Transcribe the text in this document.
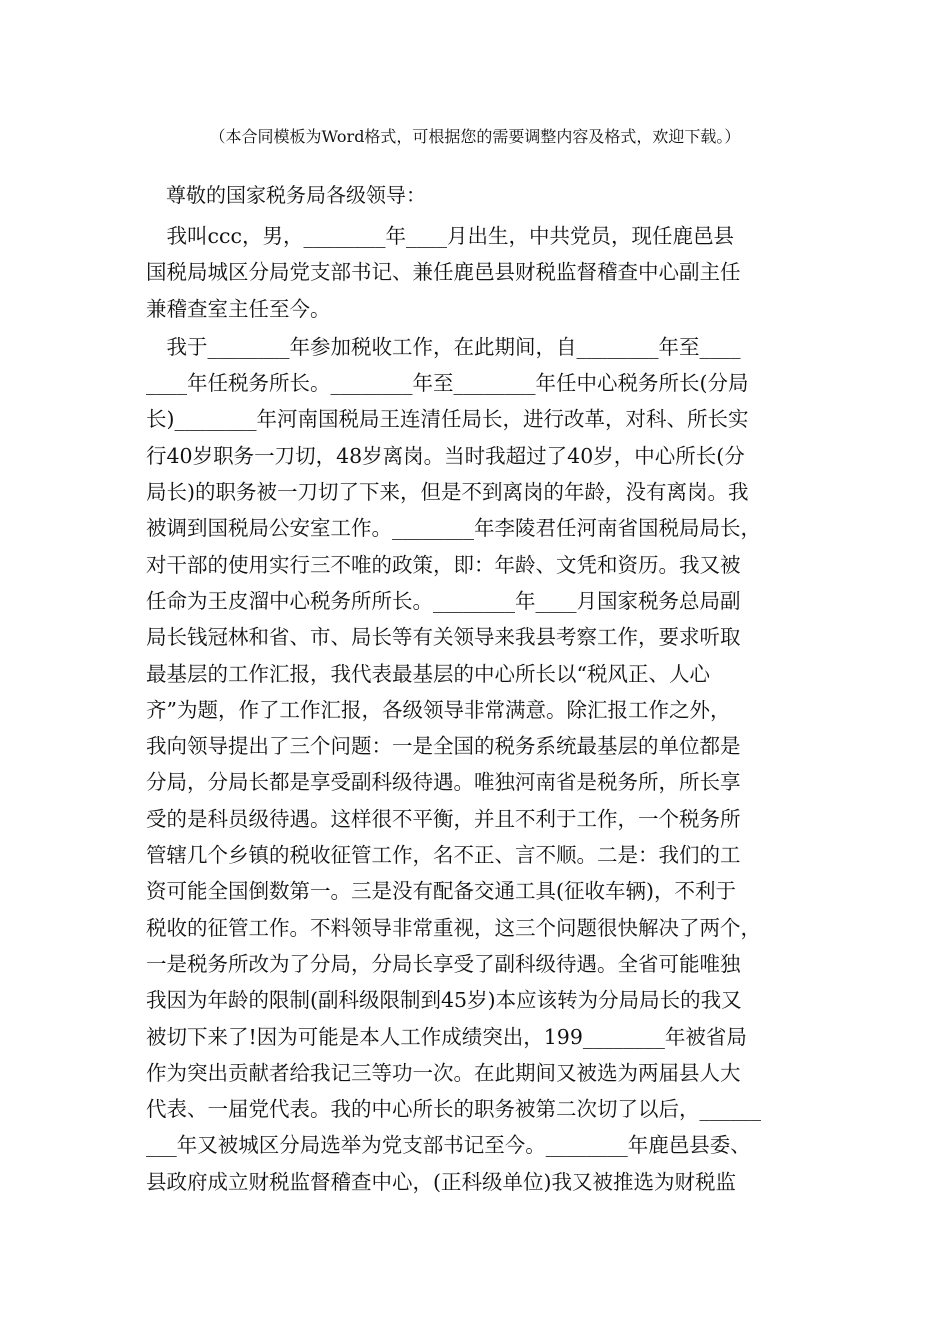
（本合同模板为Word格式，可根据您的需要调整内容及格式，欢迎下载。）
尊敬的国家税务局各级领导：
　我叫ccc，男，________年____月出生，中共党员，现任鹿邑县
国税局城区分局党支部书记、兼任鹿邑县财税监督稽查中心副主任
兼稽查室主任至今。
　我于________年参加税收工作，在此期间，自________年至____
____年任税务所长。________年至________年任中心税务所长(分局
长)________年河南国税局王连清任局长，进行改革，对科、所长实
行40岁职务一刀切，48岁离岗。当时我超过了40岁，中心所长(分
局长)的职务被一刀切了下来，但是不到离岗的年龄，没有离岗。我
被调到国税局公安室工作。________年李陵君任河南省国税局局长，
对干部的使用实行三不唯的政策，即：年龄、文凭和资历。我又被
任命为王皮溜中心税务所所长。________年____月国家税务总局副
局长钱冠林和省、市、局长等有关领导来我县考察工作，要求听取
最基层的工作汇报，我代表最基层的中心所长以“税风正、人心
齐”为题，作了工作汇报，各级领导非常满意。除汇报工作之外，
我向领导提出了三个问题：一是全国的税务系统最基层的单位都是
分局，分局长都是享受副科级待遇。唯独河南省是税务所，所长享
受的是科员级待遇。这样很不平衡，并且不利于工作，一个税务所
管辖几个乡镇的税收征管工作，名不正、言不顺。二是：我们的工
资可能全国倒数第一。三是没有配备交通工具(征收车辆)，不利于
税收的征管工作。不料领导非常重视，这三个问题很快解决了两个，
一是税务所改为了分局，分局长享受了副科级待遇。全省可能唯独
我因为年龄的限制(副科级限制到45岁)本应该转为分局局长的我又
被切下来了!因为可能是本人工作成绩突出，199________年被省局
作为突出贡献者给我记三等功一次。在此期间又被选为两届县人大
代表、一届党代表。我的中心所长的职务被第二次切了以后，______
___年又被城区分局选举为党支部书记至今。________年鹿邑县委、
县政府成立财税监督稽查中心，(正科级单位)我又被推选为财税监
